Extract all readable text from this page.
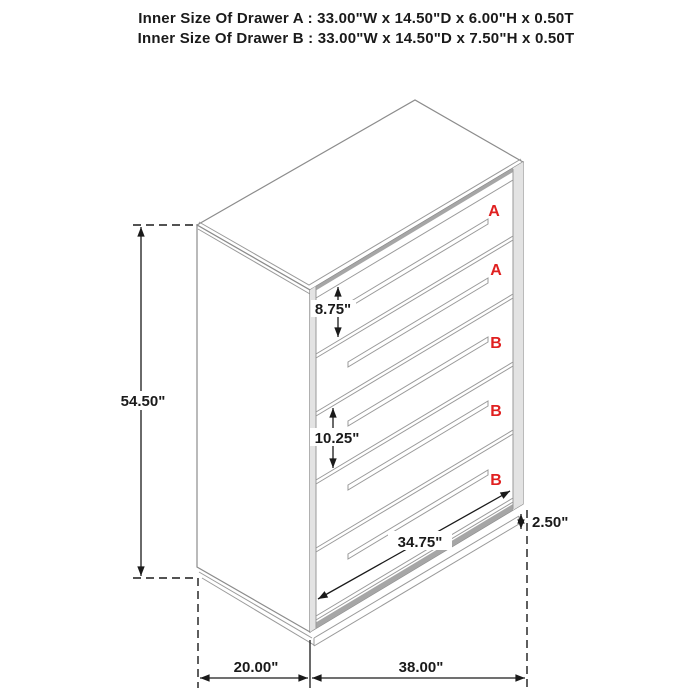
Inner Size Of Drawer A : 33.00"W x 14.50"D x 6.00"H x 0.50T
Inner Size Of Drawer B : 33.00"W x 14.50"D x 7.50"H x 0.50T
A
A
B
B
B
54.50"
8.75"
10.25"
34.75"
2.50"
20.00"	38.00"
